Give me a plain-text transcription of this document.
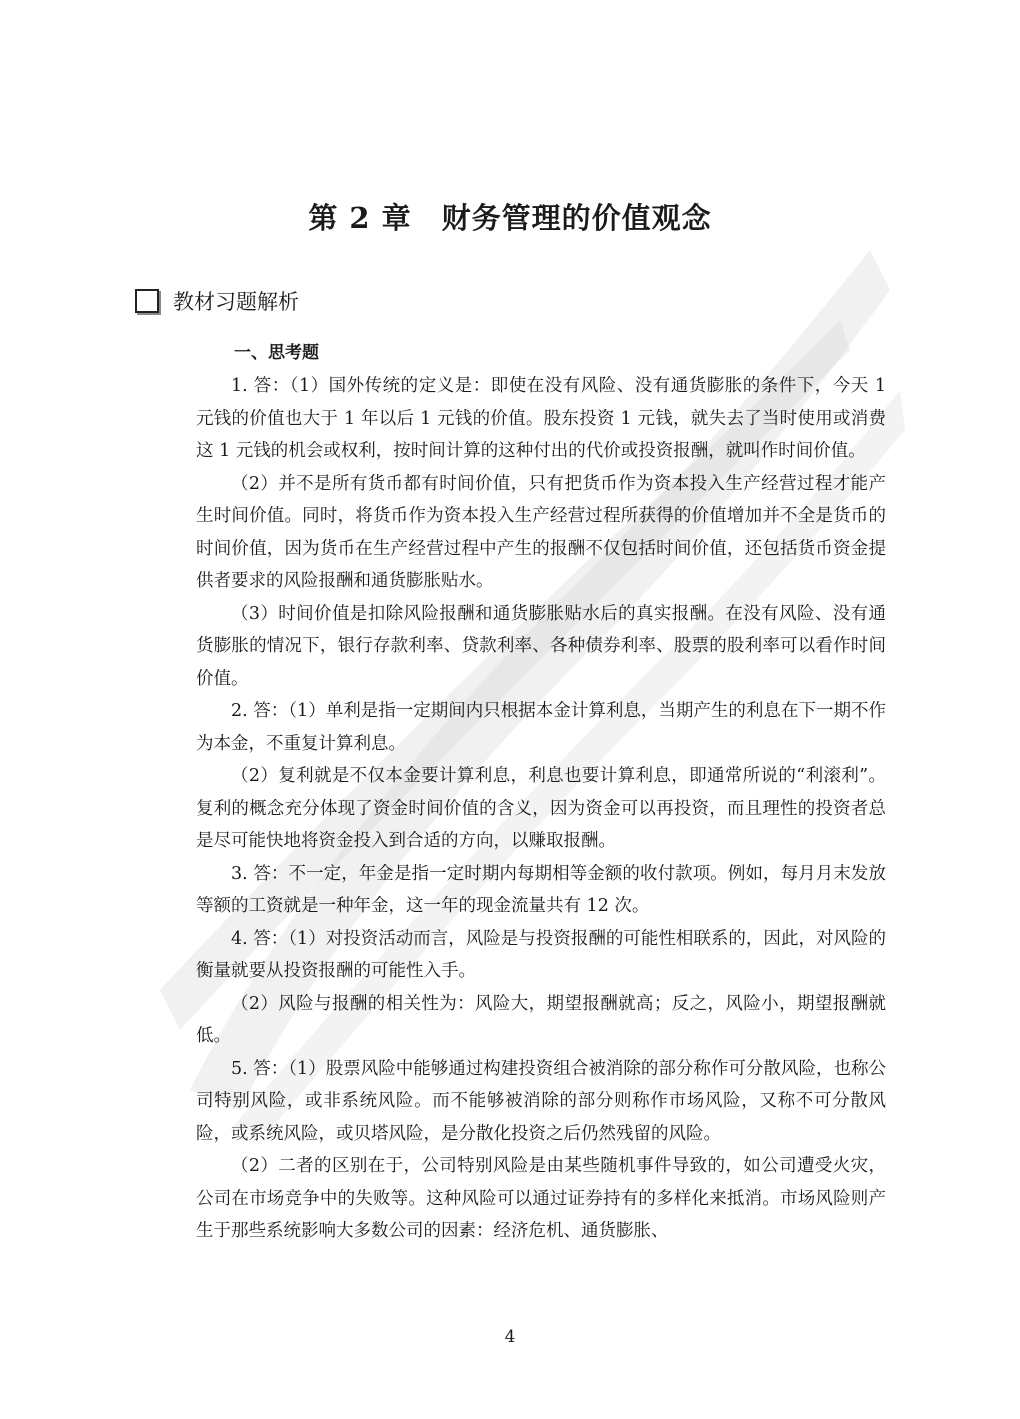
第 2 章　财务管理的价值观念
教材习题解析
一、思考题

1. 答：（1）国外传统的定义是：即使在没有风险、没有通货膨胀的条件下，今天 1 元钱的价值也大于 1 年以后 1 元钱的价值。股东投资 1 元钱，就失去了当时使用或消费这 1 元钱的机会或权利，按时间计算的这种付出的代价或投资报酬，就叫作时间价值。

（2）并不是所有货币都有时间价值，只有把货币作为资本投入生产经营过程才能产生时间价值。同时，将货币作为资本投入生产经营过程所获得的价值增加并不全是货币的时间价值，因为货币在生产经营过程中产生的报酬不仅包括时间价值，还包括货币资金提供者要求的风险报酬和通货膨胀贴水。

（3）时间价值是扣除风险报酬和通货膨胀贴水后的真实报酬。在没有风险、没有通货膨胀的情况下，银行存款利率、贷款利率、各种债券利率、股票的股利率可以看作时间价值。

2. 答：（1）单利是指一定期间内只根据本金计算利息，当期产生的利息在下一期不作为本金，不重复计算利息。

（2）复利就是不仅本金要计算利息，利息也要计算利息，即通常所说的“利滚利”。复利的概念充分体现了资金时间价值的含义，因为资金可以再投资，而且理性的投资者总是尽可能快地将资金投入到合适的方向，以赚取报酬。

3. 答：不一定，年金是指一定时期内每期相等金额的收付款项。例如，每月月末发放等额的工资就是一种年金，这一年的现金流量共有 12 次。

4. 答：（1）对投资活动而言，风险是与投资报酬的可能性相联系的，因此，对风险的衡量就要从投资报酬的可能性入手。

（2）风险与报酬的相关性为：风险大，期望报酬就高；反之，风险小，期望报酬就低。

5. 答：（1）股票风险中能够通过构建投资组合被消除的部分称作可分散风险，也称公司特别风险，或非系统风险。而不能够被消除的部分则称作市场风险，又称不可分散风险，或系统风险，或贝塔风险，是分散化投资之后仍然残留的风险。

（2）二者的区别在于，公司特别风险是由某些随机事件导致的，如公司遭受火灾，公司在市场竞争中的失败等。这种风险可以通过证券持有的多样化来抵消。市场风险则产生于那些系统影响大多数公司的因素：经济危机、通货膨胀、

4
